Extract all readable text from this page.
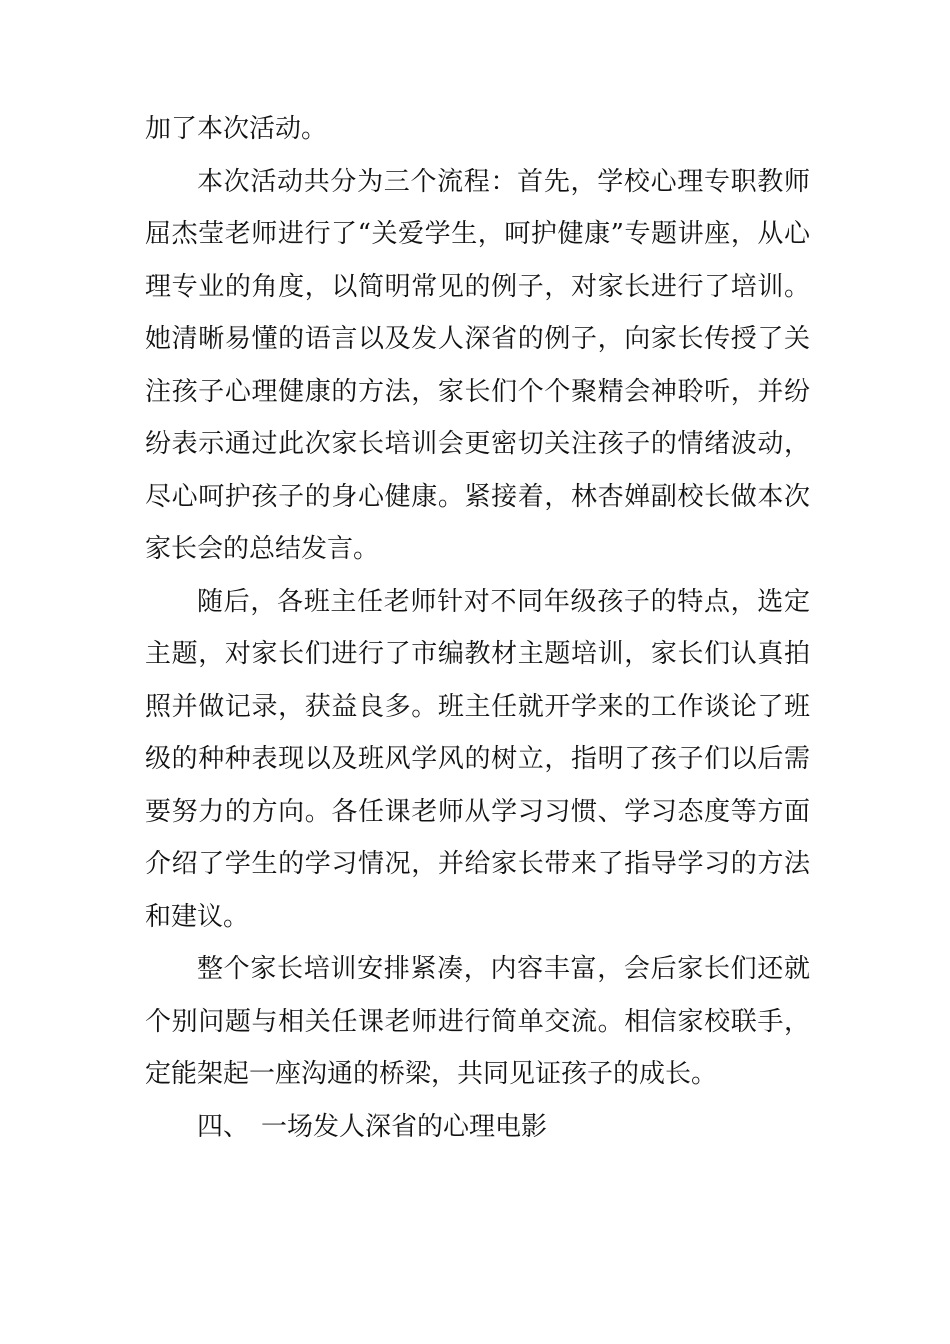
加了本次活动。

本次活动共分为三个流程：首先，学校心理专职教师屈杰莹老师进行了“关爱学生，呵护健康”专题讲座，从心理专业的角度，以简明常见的例子，对家长进行了培训。她清晰易懂的语言以及发人深省的例子，向家长传授了关注孩子心理健康的方法，家长们个个聚精会神聆听，并纷纷表示通过此次家长培训会更密切关注孩子的情绪波动，尽心呵护孩子的身心健康。紧接着，林杏婵副校长做本次家长会的总结发言。

随后，各班主任老师针对不同年级孩子的特点，选定主题，对家长们进行了市编教材主题培训，家长们认真拍照并做记录，获益良多。班主任就开学来的工作谈论了班级的种种表现以及班风学风的树立，指明了孩子们以后需要努力的方向。各任课老师从学习习惯、学习态度等方面介绍了学生的学习情况，并给家长带来了指导学习的方法和建议。

整个家长培训安排紧凑，内容丰富，会后家长们还就个别问题与相关任课老师进行简单交流。相信家校联手，定能架起一座沟通的桥梁，共同见证孩子的成长。

四、 一场发人深省的心理电影
